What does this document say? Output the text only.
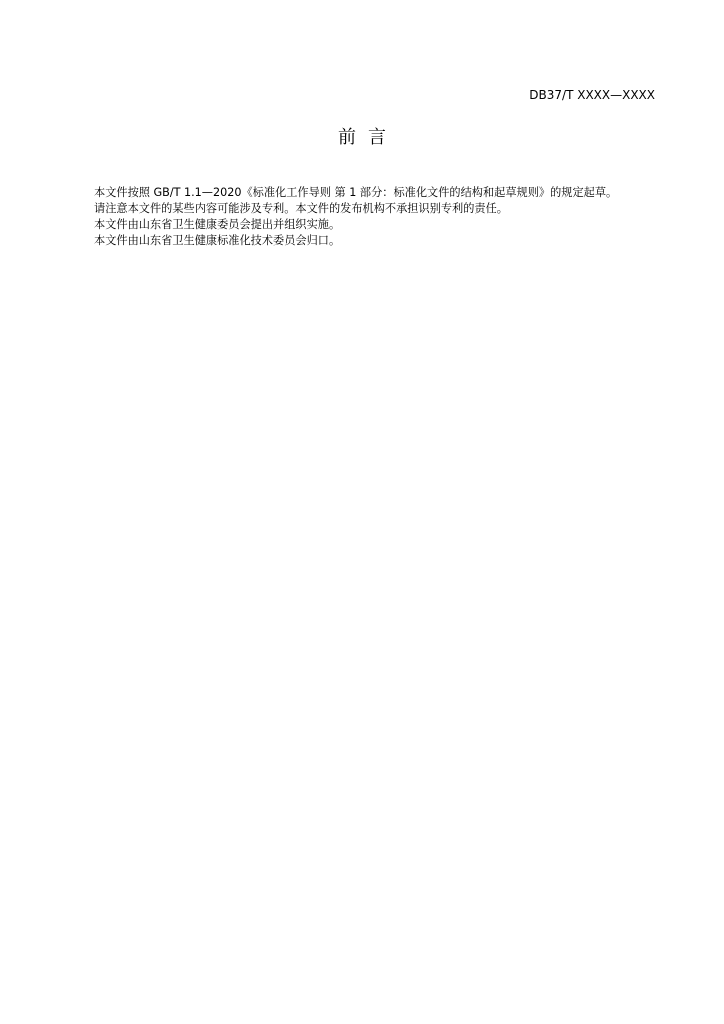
DB37/T XXXX—XXXX
前言

本文件按照 GB/T 1.1—2020《标准化工作导则 第 1 部分：标准化文件的结构和起草规则》的规定起草。

请注意本文件的某些内容可能涉及专利。本文件的发布机构不承担识别专利的责任。

本文件由山东省卫生健康委员会提出并组织实施。

本文件由山东省卫生健康标准化技术委员会归口。
